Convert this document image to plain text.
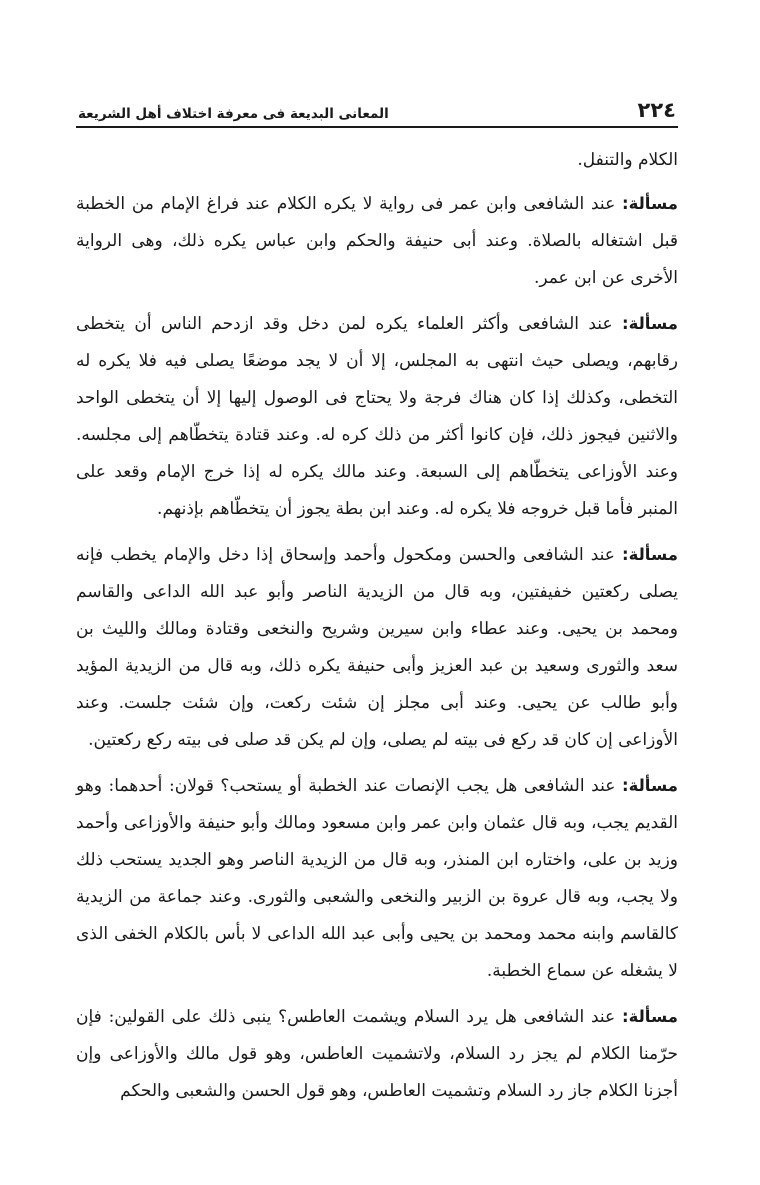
٢٢٤
المعانى البديعة فى معرفة اختلاف أهل الشريعة

الكلام والتنفل.

مسألة: عند الشافعى وابن عمر فى رواية لا يكره الكلام عند فراغ الإمام من الخطبة قبل اشتغاله بالصلاة. وعند أبى حنيفة والحكم وابن عباس يكره ذلك، وهى الرواية الأخرى عن ابن عمر.

مسألة: عند الشافعى وأكثر العلماء يكره لمن دخل وقد ازدحم الناس أن يتخطى رقابهم، ويصلى حيث انتهى به المجلس، إلا أن لا يجد موضعًا يصلى فيه فلا يكره له التخطى، وكذلك إذا كان هناك فرجة ولا يحتاج فى الوصول إليها إلا أن يتخطى الواحد والاثنين فيجوز ذلك، فإن كانوا أكثر من ذلك كره له. وعند قتادة يتخطّاهم إلى مجلسه. وعند الأوزاعى يتخطّاهم إلى السبعة. وعند مالك يكره له إذا خرج الإمام وقعد على المنبر فأما قبل خروجه فلا يكره له. وعند ابن بطة يجوز أن يتخطّاهم بإذنهم.

مسألة: عند الشافعى والحسن ومكحول وأحمد وإسحاق إذا دخل والإمام يخطب فإنه يصلى ركعتين خفيفتين، وبه قال من الزيدية الناصر وأبو عبد الله الداعى والقاسم ومحمد بن يحيى. وعند عطاء وابن سيرين وشريح والنخعى وقتادة ومالك والليث بن سعد والثورى وسعيد بن عبد العزيز وأبى حنيفة يكره ذلك، وبه قال من الزيدية المؤيد وأبو طالب عن يحيى. وعند أبى مجلز إن شئت ركعت، وإن شئت جلست. وعند الأوزاعى إن كان قد ركع فى بيته لم يصلى، وإن لم يكن قد صلى فى بيته ركع ركعتين.

مسألة: عند الشافعى هل يجب الإنصات عند الخطبة أو يستحب؟ قولان: أحدهما: وهو القديم يجب، وبه قال عثمان وابن عمر وابن مسعود ومالك وأبو حنيفة والأوزاعى وأحمد وزيد بن على، واختاره ابن المنذر، وبه قال من الزيدية الناصر وهو الجديد يستحب ذلك ولا يجب، وبه قال عروة بن الزبير والنخعى والشعبى والثورى. وعند جماعة من الزيدية كالقاسم وابنه محمد ومحمد بن يحيى وأبى عبد الله الداعى لا بأس بالكلام الخفى الذى لا يشغله عن سماع الخطبة.

مسألة: عند الشافعى هل يرد السلام ويشمت العاطس؟ ينبى ذلك على القولين: فإن حرّمنا الكلام لم يجز رد السلام، ولاتشميت العاطس، وهو قول مالك والأوزاعى وإن أجزنا الكلام جاز رد السلام وتشميت العاطس، وهو قول الحسن والشعبى والحكم
